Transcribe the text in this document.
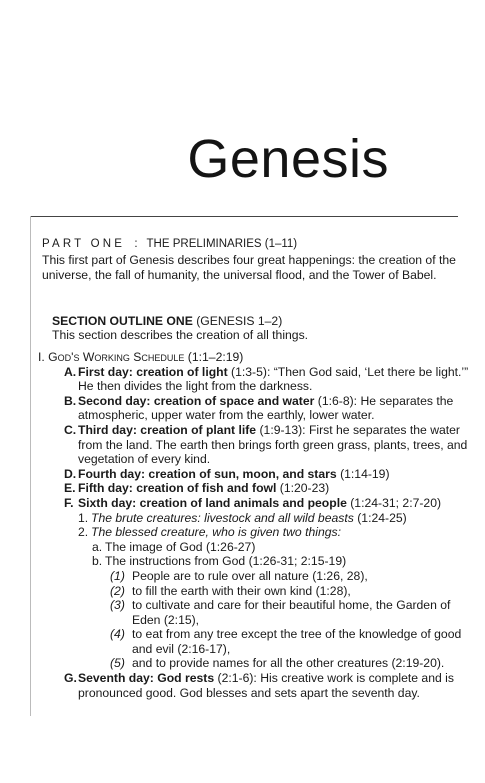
Genesis
PART ONE : THE PRELIMINARIES (1–11)
This first part of Genesis describes four great happenings: the creation of the universe, the fall of humanity, the universal flood, and the Tower of Babel.
SECTION OUTLINE ONE (GENESIS 1–2)
This section describes the creation of all things.
I. God's Working Schedule (1:1–2:19)
A. First day: creation of light (1:3-5): “Then God said, ‘Let there be light.’” He then divides the light from the darkness.
B. Second day: creation of space and water (1:6-8): He separates the atmospheric, upper water from the earthly, lower water.
C. Third day: creation of plant life (1:9-13): First he separates the water from the land. The earth then brings forth green grass, plants, trees, and vegetation of every kind.
D. Fourth day: creation of sun, moon, and stars (1:14-19)
E. Fifth day: creation of fish and fowl (1:20-23)
F. Sixth day: creation of land animals and people (1:24-31; 2:7-20)
1. The brute creatures: livestock and all wild beasts (1:24-25)
2. The blessed creature, who is given two things:
a. The image of God (1:26-27)
b. The instructions from God (1:26-31; 2:15-19)
(1) People are to rule over all nature (1:26, 28),
(2) to fill the earth with their own kind (1:28),
(3) to cultivate and care for their beautiful home, the Garden of Eden (2:15),
(4) to eat from any tree except the tree of the knowledge of good and evil (2:16-17),
(5) and to provide names for all the other creatures (2:19-20).
G. Seventh day: God rests (2:1-6): His creative work is complete and is pronounced good. God blesses and sets apart the seventh day.
